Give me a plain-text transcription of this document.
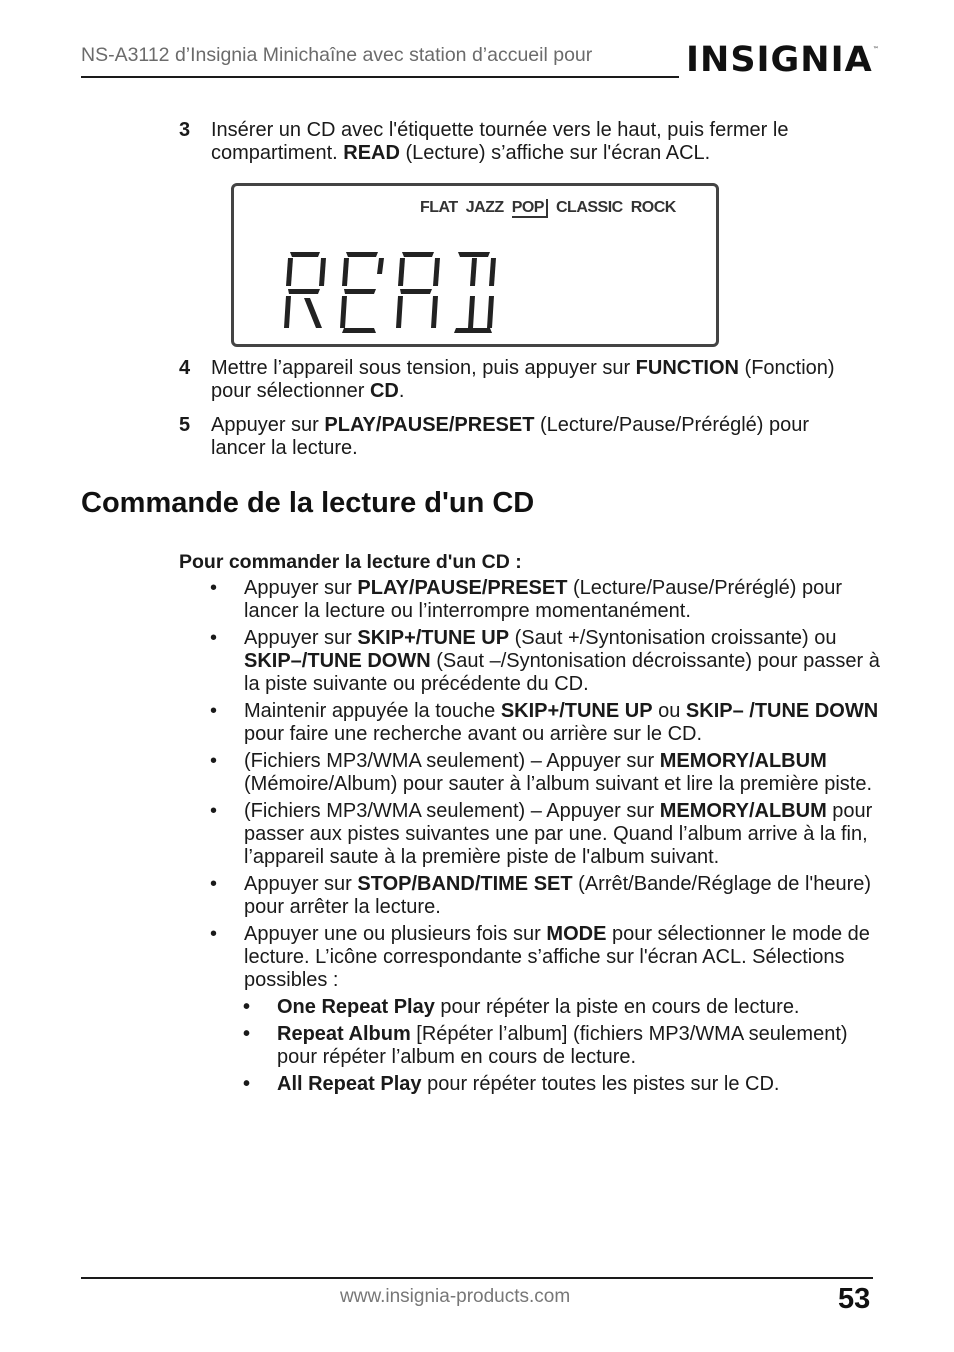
NS-A3112 d’Insignia Minichaîne avec station d’accueil pour	INSIGNIA™
3 Insérer un CD avec l'étiquette tournée vers le haut, puis fermer le compartiment. READ (Lecture) s’affiche sur l'écran ACL.
FLAT JAZZ POP CLASSIC ROCK
4 Mettre l’appareil sous tension, puis appuyer sur FUNCTION (Fonction) pour sélectionner CD.
5 Appuyer sur PLAY/PAUSE/PRESET (Lecture/Pause/Préréglé) pour lancer la lecture.
Commande de la lecture d'un CD
Pour commander la lecture d'un CD :
• Appuyer sur PLAY/PAUSE/PRESET (Lecture/Pause/Préréglé) pour lancer la lecture ou l’interrompre momentanément.
• Appuyer sur SKIP+/TUNE UP (Saut +/Syntonisation croissante) ou SKIP–/TUNE DOWN (Saut –/Syntonisation décroissante) pour passer à la piste suivante ou précédente du CD.
• Maintenir appuyée la touche SKIP+/TUNE UP ou SKIP– /TUNE DOWN pour faire une recherche avant ou arrière sur le CD.
• (Fichiers MP3/WMA seulement) – Appuyer sur MEMORY/ALBUM (Mémoire/Album) pour sauter à l’album suivant et lire la première piste.
• (Fichiers MP3/WMA seulement) – Appuyer sur MEMORY/ALBUM pour passer aux pistes suivantes une par une. Quand l’album arrive à la fin, l’appareil saute à la première piste de l'album suivant.
• Appuyer sur STOP/BAND/TIME SET (Arrêt/Bande/Réglage de l'heure) pour arrêter la lecture.
• Appuyer une ou plusieurs fois sur MODE pour sélectionner le mode de lecture. L’icône correspondante s’affiche sur l'écran ACL. Sélections possibles :
• One Repeat Play pour répéter la piste en cours de lecture.
• Repeat Album [Répéter l’album] (fichiers MP3/WMA seulement) pour répéter l’album en cours de lecture.
• All Repeat Play pour répéter toutes les pistes sur le CD.
www.insignia-products.com	53
